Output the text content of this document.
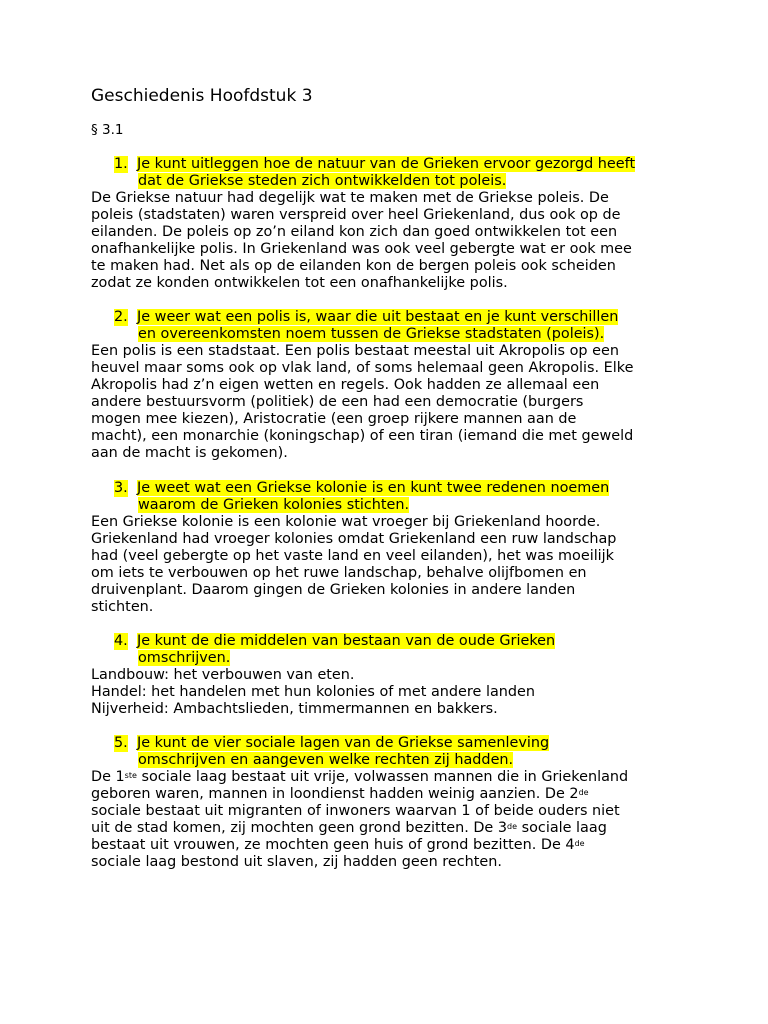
Geschiedenis Hoofdstuk 3
§ 3.1
1. Je kunt uitleggen hoe de natuur van de Grieken ervoor gezorgd heeft
dat de Griekse steden zich ontwikkelden tot poleis.
De Griekse natuur had degelijk wat te maken met de Griekse poleis. De
poleis (stadstaten) waren verspreid over heel Griekenland, dus ook op de
eilanden. De poleis op zo’n eiland kon zich dan goed ontwikkelen tot een
onafhankelijke polis. In Griekenland was ook veel gebergte wat er ook mee
te maken had. Net als op de eilanden kon de bergen poleis ook scheiden
zodat ze konden ontwikkelen tot een onafhankelijke polis.
2. Je weer wat een polis is, waar die uit bestaat en je kunt verschillen
en overeenkomsten noem tussen de Griekse stadstaten (poleis).
Een polis is een stadstaat. Een polis bestaat meestal uit Akropolis op een
heuvel maar soms ook op vlak land, of soms helemaal geen Akropolis. Elke
Akropolis had z’n eigen wetten en regels. Ook hadden ze allemaal een
andere bestuursvorm (politiek) de een had een democratie (burgers
mogen mee kiezen), Aristocratie (een groep rijkere mannen aan de
macht), een monarchie (koningschap) of een tiran (iemand die met geweld
aan de macht is gekomen).
3. Je weet wat een Griekse kolonie is en kunt twee redenen noemen
waarom de Grieken kolonies stichten.
Een Griekse kolonie is een kolonie wat vroeger bij Griekenland hoorde.
Griekenland had vroeger kolonies omdat Griekenland een ruw landschap
had (veel gebergte op het vaste land en veel eilanden), het was moeilijk
om iets te verbouwen op het ruwe landschap, behalve olijfbomen en
druivenplant. Daarom gingen de Grieken kolonies in andere landen
stichten.
4. Je kunt de die middelen van bestaan van de oude Grieken
omschrijven.
Landbouw: het verbouwen van eten.
Handel: het handelen met hun kolonies of met andere landen
Nijverheid: Ambachtslieden, timmermannen en bakkers.
5. Je kunt de vier sociale lagen van de Griekse samenleving
omschrijven en aangeven welke rechten zij hadden.
De 1ste sociale laag bestaat uit vrije, volwassen mannen die in Griekenland
geboren waren, mannen in loondienst hadden weinig aanzien. De 2de
sociale bestaat uit migranten of inwoners waarvan 1 of beide ouders niet
uit de stad komen, zij mochten geen grond bezitten. De 3de sociale laag
bestaat uit vrouwen, ze mochten geen huis of grond bezitten. De 4de
sociale laag bestond uit slaven, zij hadden geen rechten.
